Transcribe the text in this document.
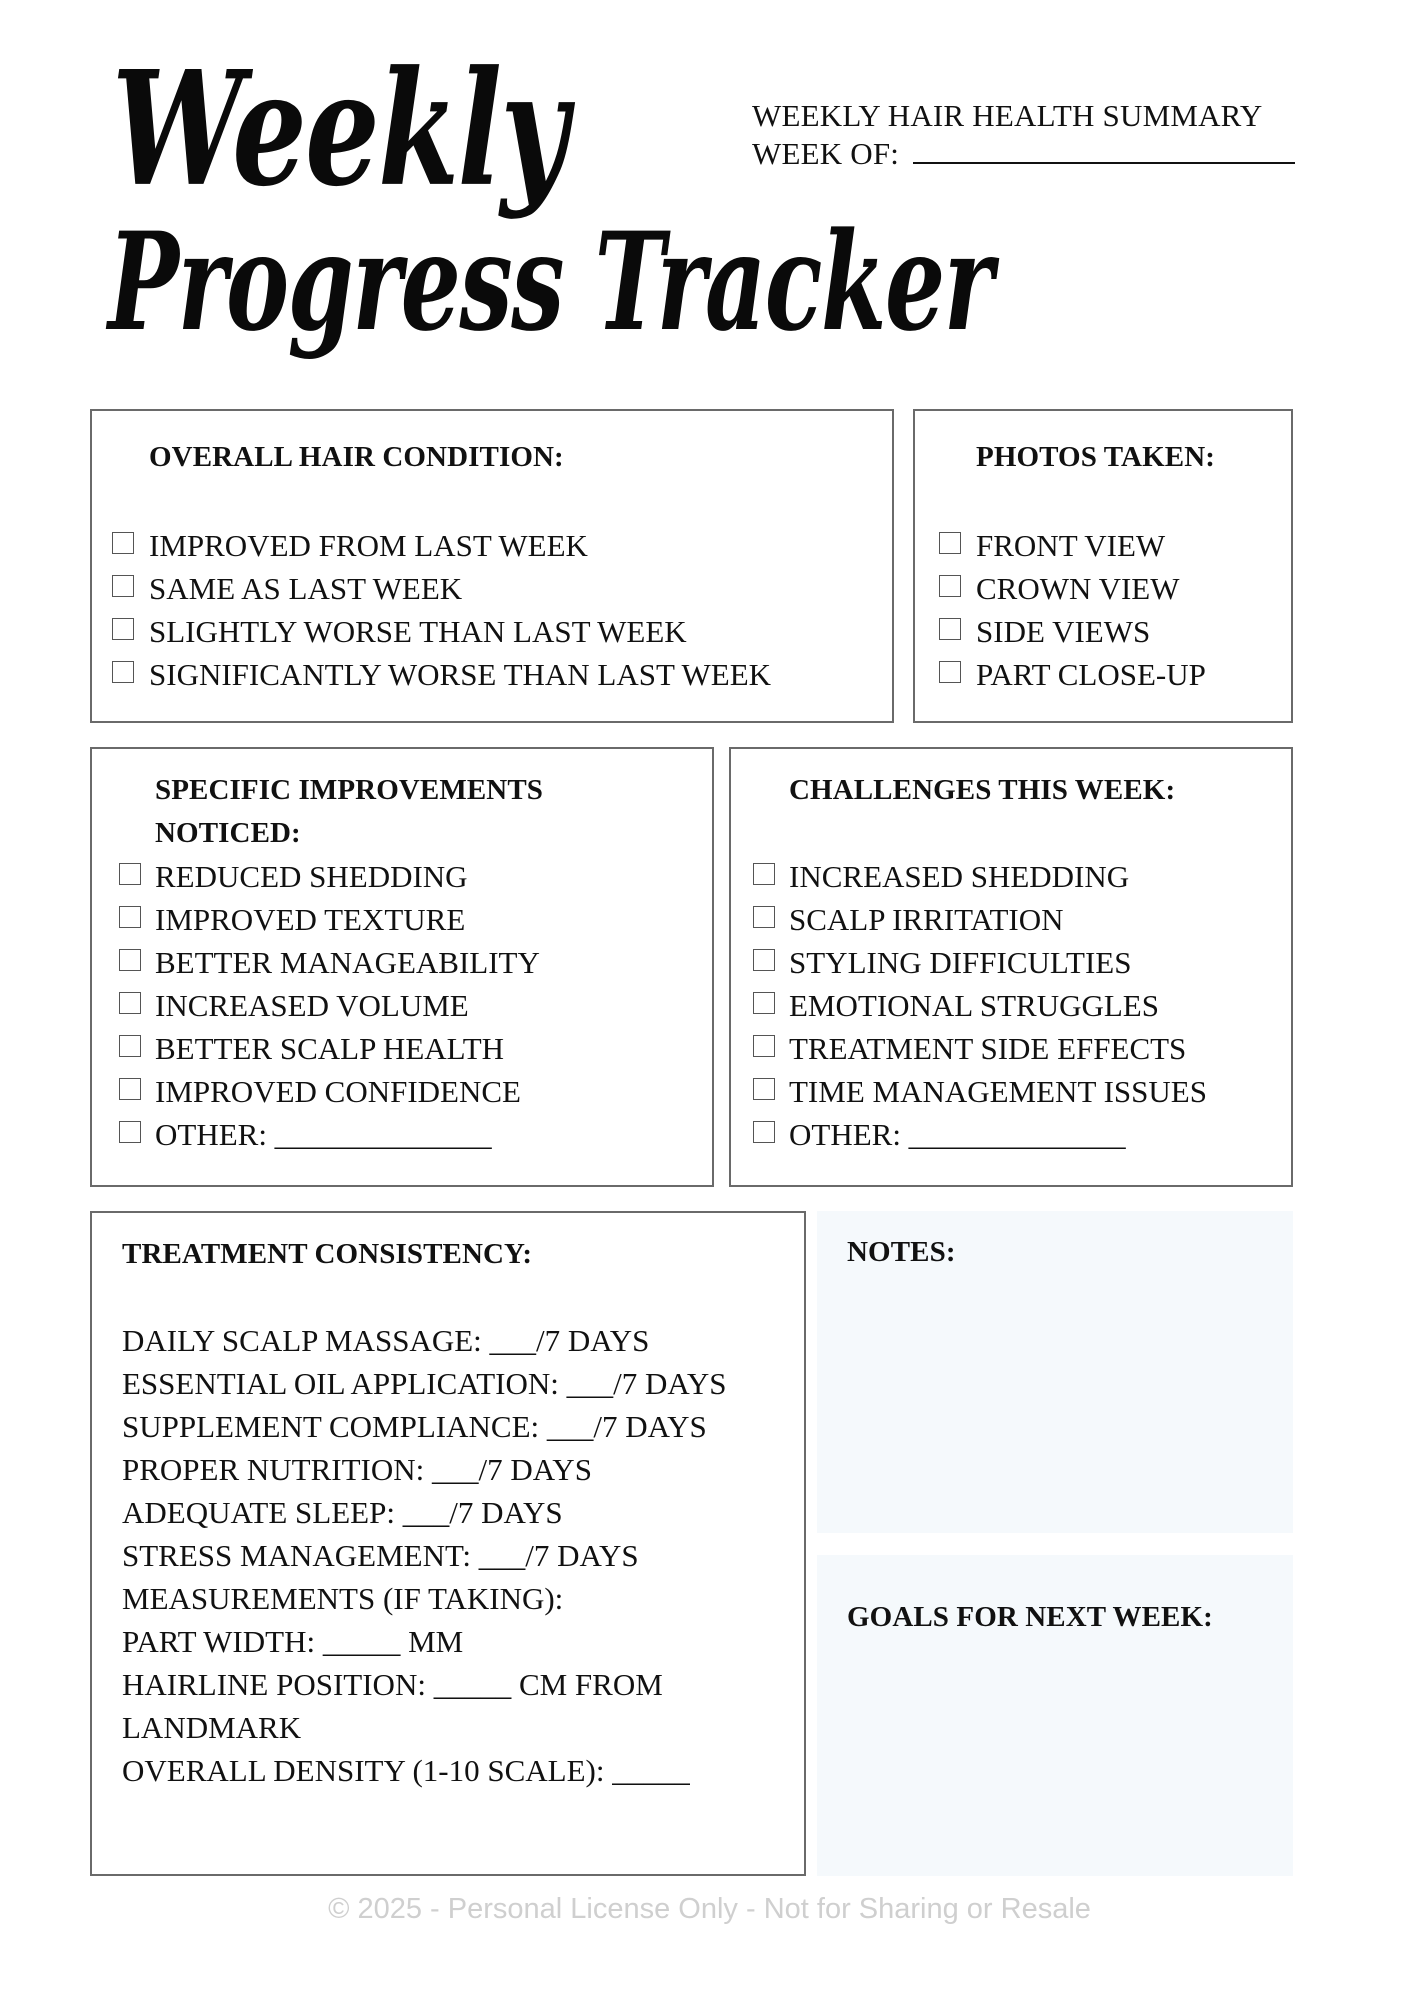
Weekly
Progress Tracker
WEEKLY HAIR HEALTH SUMMARY
WEEK OF:
OVERALL HAIR CONDITION:
IMPROVED FROM LAST WEEK
SAME AS LAST WEEK
SLIGHTLY WORSE THAN LAST WEEK
SIGNIFICANTLY WORSE THAN LAST WEEK
PHOTOS TAKEN:
FRONT VIEW
CROWN VIEW
SIDE VIEWS
PART CLOSE-UP
SPECIFIC IMPROVEMENTS
NOTICED:
REDUCED SHEDDING
IMPROVED TEXTURE
BETTER MANAGEABILITY
INCREASED VOLUME
BETTER SCALP HEALTH
IMPROVED CONFIDENCE
OTHER: ______________
CHALLENGES THIS WEEK:
INCREASED SHEDDING
SCALP IRRITATION
STYLING DIFFICULTIES
EMOTIONAL STRUGGLES
TREATMENT SIDE EFFECTS
TIME MANAGEMENT ISSUES
OTHER: ______________
TREATMENT CONSISTENCY:
DAILY SCALP MASSAGE: ___/7 DAYS
ESSENTIAL OIL APPLICATION: ___/7 DAYS
SUPPLEMENT COMPLIANCE: ___/7 DAYS
PROPER NUTRITION: ___/7 DAYS
ADEQUATE SLEEP: ___/7 DAYS
STRESS MANAGEMENT: ___/7 DAYS
MEASUREMENTS (IF TAKING):
PART WIDTH: _____ MM
HAIRLINE POSITION: _____ CM FROM
LANDMARK
OVERALL DENSITY (1-10 SCALE): _____
NOTES:
GOALS FOR NEXT WEEK:
© 2025 - Personal License Only - Not for Sharing or Resale
